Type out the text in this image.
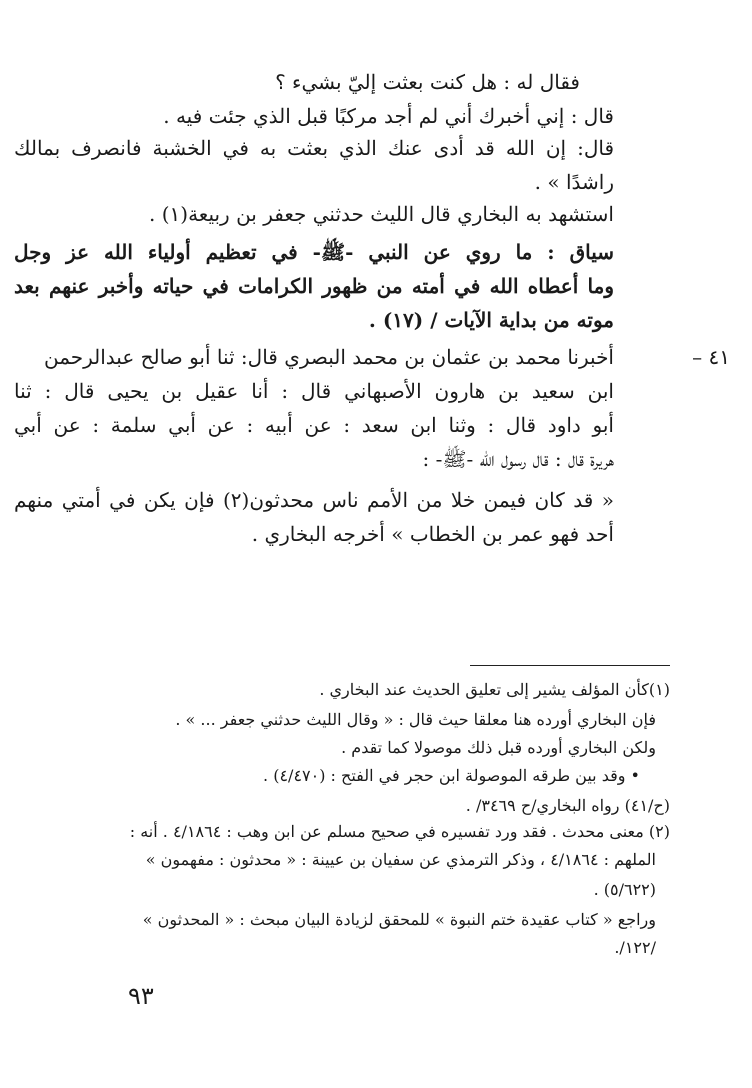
فقال له : هل كنت بعثت إليّ بشيء ؟
قال : إني أخبرك أني لم أجد مركبًا قبل الذي جئت فيه .
قال: إن الله قد أدى عنك الذي بعثت به في الخشبة فانصرف بمالك
راشدًا » .
استشهد به البخاري قال الليث حدثني جعفر بن ربيعة(١) .
سياق : ما روي عن النبي -ﷺ- في تعظيم أولياء الله عز وجل
وما أعطاه الله في أمته من ظهور الكرامات في حياته وأخبر عنهم بعد
موته من بداية الآيات / (١٧) .
٤١ –
أخبرنا محمد بن عثمان بن محمد البصري قال: ثنا أبو صالح عبدالرحمن
ابن سعيد بن هارون الأصبهاني قال : أنا عقيل بن يحيى قال : ثنا
أبو داود قال : وثنا ابن سعد : عن أبيه : عن أبي سلمة : عن أبي
هريرة قال : قال رسول الله -ﷺ- :
« قد كان فيمن خلا من الأمم ناس محدثون(٢) فإن يكن في أمتي منهم
أحد فهو عمر بن الخطاب » أخرجه البخاري .
(١)كأن المؤلف يشير إلى تعليق الحديث عند البخاري .
فإن البخاري أورده هنا معلقا حيث قال : « وقال الليث حدثني جعفر ... » .
ولكن البخاري أورده قبل ذلك موصولا كما تقدم .
• وقد بين طرقه الموصولة ابن حجر في الفتح : (٤/٤٧٠) .
(ح/٤١) رواه البخاري/ح ٣٤٦٩/ .
(٢) معنى محدث . فقد ورد تفسيره في صحيح مسلم عن ابن وهب : ٤/١٨٦٤ . أنه :
الملهم : ٤/١٨٦٤ ، وذكر الترمذي عن سفيان بن عيينة : « محدثون : مفهمون »
(٥/٦٢٢) .
وراجع « كتاب عقيدة ختم النبوة » للمحقق لزيادة البيان مبحث : « المحدثون »
/١٢٢/.
٩٣
